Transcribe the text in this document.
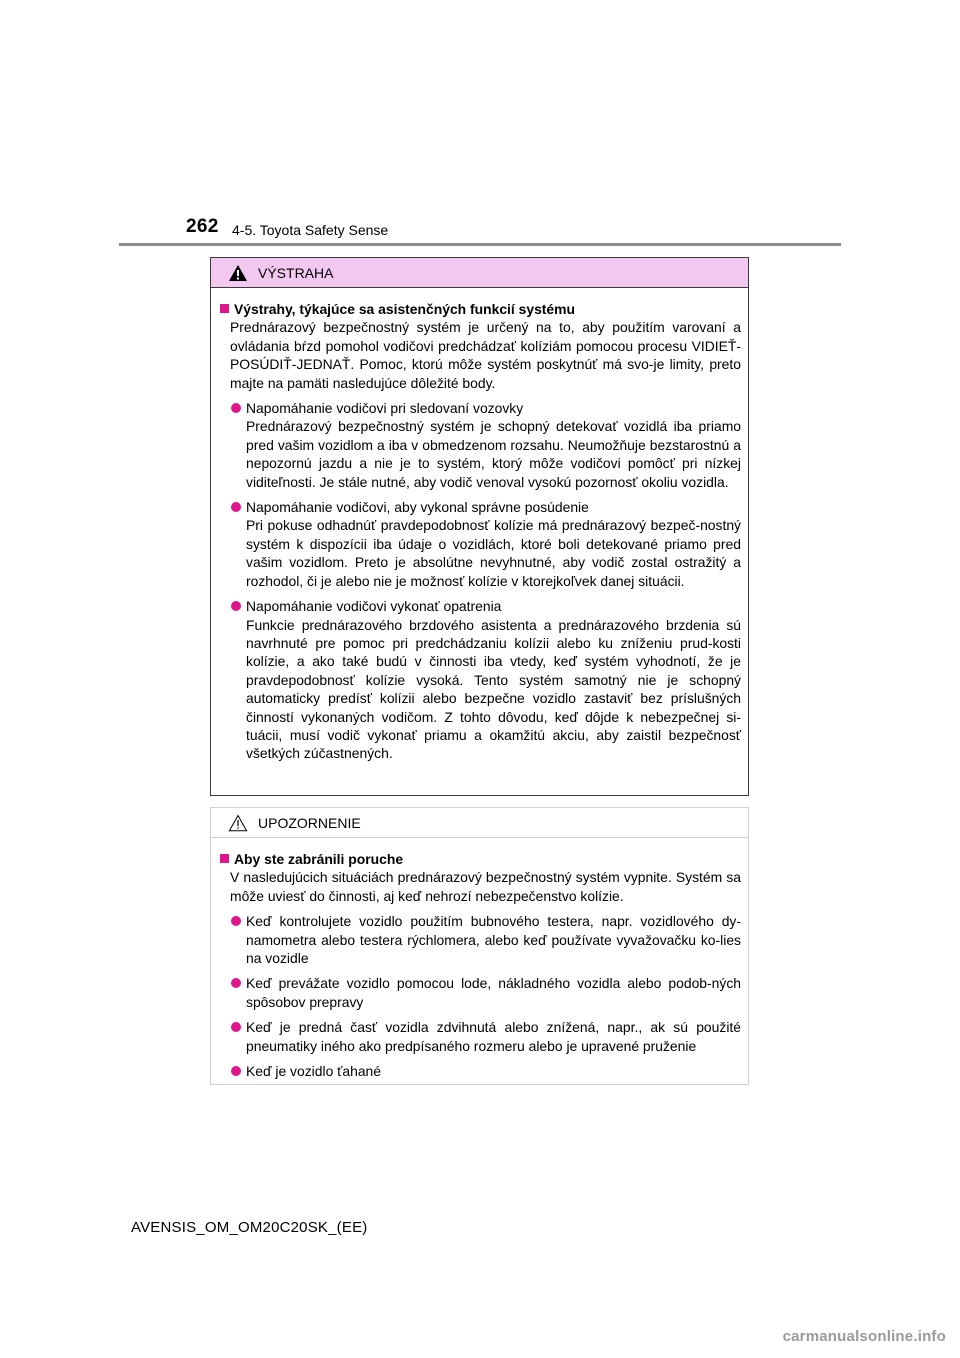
262 4-5. Toyota Safety Sense
VÝSTRAHA
Výstrahy, týkajúce sa asistenčných funkcií systému
Prednárazový bezpečnostný systém je určený na to, aby použitím varovaní a ovládania bŕzd pomohol vodičovi predchádzať kolíziám pomocou procesu VIDIEŤ-POSÚDIŤ-JEDNAŤ. Pomoc, ktorú môže systém poskytnúť má svo-je limity, preto majte na pamäti nasledujúce dôležité body.
Napomáhanie vodičovi pri sledovaní vozovky
Prednárazový bezpečnostný systém je schopný detekovať vozidlá iba priamo pred vašim vozidlom a iba v obmedzenom rozsahu. Neumožňuje bezstarostnú a nepozornú jazdu a nie je to systém, ktorý môže vodičovi pomôcť pri nízkej viditeľnosti. Je stále nutné, aby vodič venoval vysokú pozornosť okoliu vozidla.
Napomáhanie vodičovi, aby vykonal správne posúdenie
Pri pokuse odhadnúť pravdepodobnosť kolízie má prednárazový bezpeč-nostný systém k dispozícii iba údaje o vozidlách, ktoré boli detekované priamo pred vašim vozidlom. Preto je absolútne nevyhnutné, aby vodič zostal ostražitý a rozhodol, či je alebo nie je možnosť kolízie v ktorejkoľvek danej situácii.
Napomáhanie vodičovi vykonať opatrenia
Funkcie prednárazového brzdového asistenta a prednárazového brzdenia sú navrhnuté pre pomoc pri predchádzaniu kolízii alebo ku zníženiu prud-kosti kolízie, a ako také budú v činnosti iba vtedy, keď systém vyhodnotí, že je pravdepodobnosť kolízie vysoká. Tento systém samotný nie je schopný automaticky predísť kolízii alebo bezpečne vozidlo zastaviť bez príslušných činností vykonaných vodičom. Z tohto dôvodu, keď dôjde k nebezpečnej si-tuácii, musí vodič vykonať priamu a okamžitú akciu, aby zaistil bezpečnosť všetkých zúčastnených.
UPOZORNENIE
Aby ste zabránili poruche
V nasledujúcich situáciách prednárazový bezpečnostný systém vypnite. Systém sa môže uviesť do činnosti, aj keď nehrozí nebezpečenstvo kolízie.
Keď kontrolujete vozidlo použitím bubnového testera, napr. vozidlového dy-namometra alebo testera rýchlomera, alebo keď používate vyvažovačku ko-lies na vozidle
Keď prevážate vozidlo pomocou lode, nákladného vozidla alebo podob-ných spôsobov prepravy
Keď je predná časť vozidla zdvihnutá alebo znížená, napr., ak sú použité pneumatiky iného ako predpísaného rozmeru alebo je upravené pruženie
Keď je vozidlo ťahané
AVENSIS_OM_OM20C20SK_(EE)
carmanualsonline.info
